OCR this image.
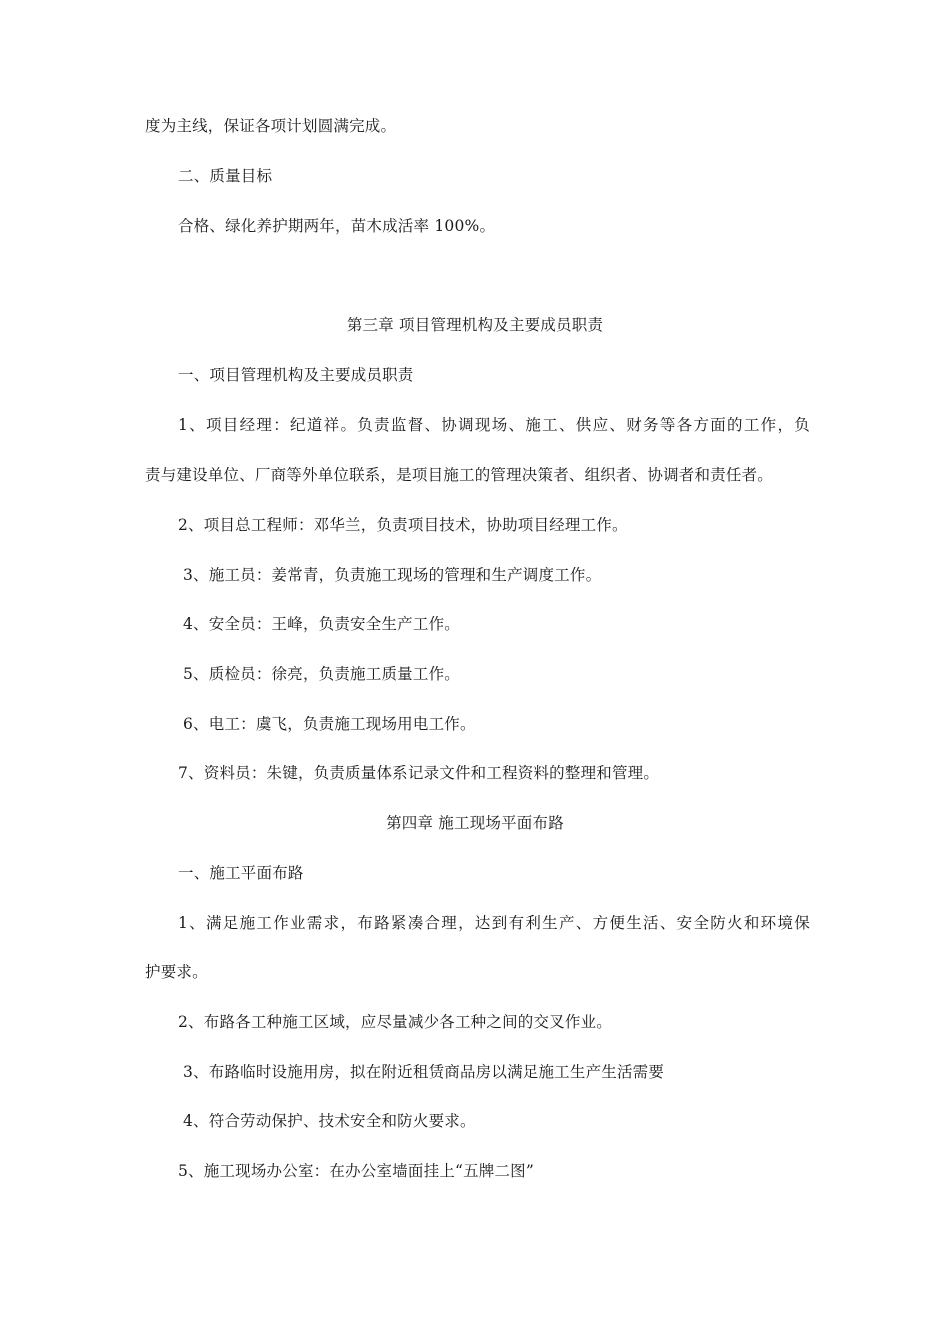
度为主线，保证各项计划圆满完成。
二、质量目标
合格、绿化养护期两年，苗木成活率 100%。
第三章 项目管理机构及主要成员职责
一、项目管理机构及主要成员职责
1、项目经理：纪道祥。负责监督、协调现场、施工、供应、财务等各方面的工作，负
责与建设单位、厂商等外单位联系，是项目施工的管理决策者、组织者、协调者和责任者。
2、项目总工程师：邓华兰，负责项目技术，协助项目经理工作。
3、施工员：姜常青，负责施工现场的管理和生产调度工作。
4、安全员：王峰，负责安全生产工作。
5、质检员：徐亮，负责施工质量工作。
6、电工：虞飞，负责施工现场用电工作。
7、资料员：朱键，负责质量体系记录文件和工程资料的整理和管理。
第四章 施工现场平面布路
一、施工平面布路
1、满足施工作业需求，布路紧凑合理，达到有利生产、方便生活、安全防火和环境保
护要求。
2、布路各工种施工区域，应尽量减少各工种之间的交叉作业。
3、布路临时设施用房，拟在附近租赁商品房以满足施工生产生活需要
4、符合劳动保护、技术安全和防火要求。
5、施工现场办公室：在办公室墙面挂上“五牌二图”
